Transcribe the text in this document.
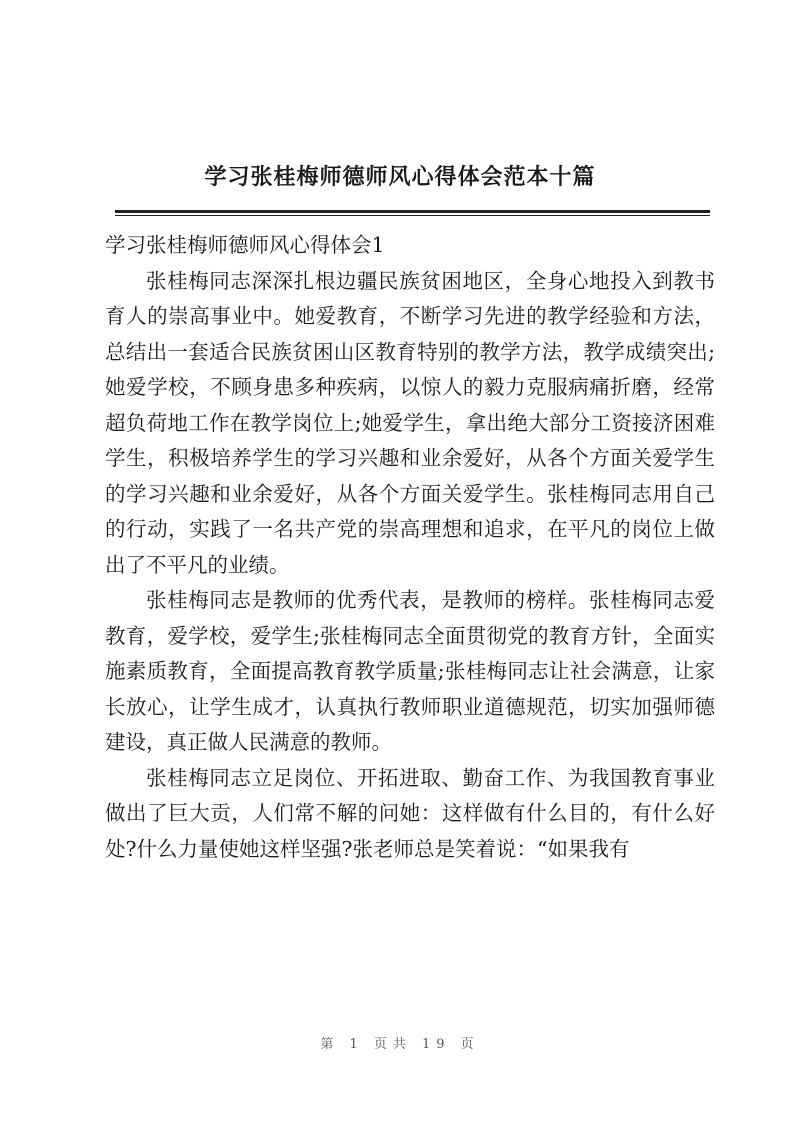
学习张桂梅师德师风心得体会范本十篇

学习张桂梅师德师风心得体会1

张桂梅同志深深扎根边疆民族贫困地区，全身心地投入到教书育人的崇高事业中。她爱教育，不断学习先进的教学经验和方法，总结出一套适合民族贫困山区教育特别的教学方法，教学成绩突出;她爱学校，不顾身患多种疾病，以惊人的毅力克服病痛折磨，经常超负荷地工作在教学岗位上;她爱学生，拿出绝大部分工资接济困难学生，积极培养学生的学习兴趣和业余爱好，从各个方面关爱学生的学习兴趣和业余爱好，从各个方面关爱学生。张桂梅同志用自己的行动，实践了一名共产党的崇高理想和追求，在平凡的岗位上做出了不平凡的业绩。

张桂梅同志是教师的优秀代表，是教师的榜样。张桂梅同志爱教育，爱学校，爱学生;张桂梅同志全面贯彻党的教育方针，全面实施素质教育，全面提高教育教学质量;张桂梅同志让社会满意，让家长放心，让学生成才，认真执行教师职业道德规范，切实加强师德建设，真正做人民满意的教师。

张桂梅同志立足岗位、开拓进取、勤奋工作、为我国教育事业做出了巨大贡，人们常不解的问她：这样做有什么目的，有什么好处?什么力量使她这样坚强?张老师总是笑着说：“如果我有

第 1 页共 19 页
